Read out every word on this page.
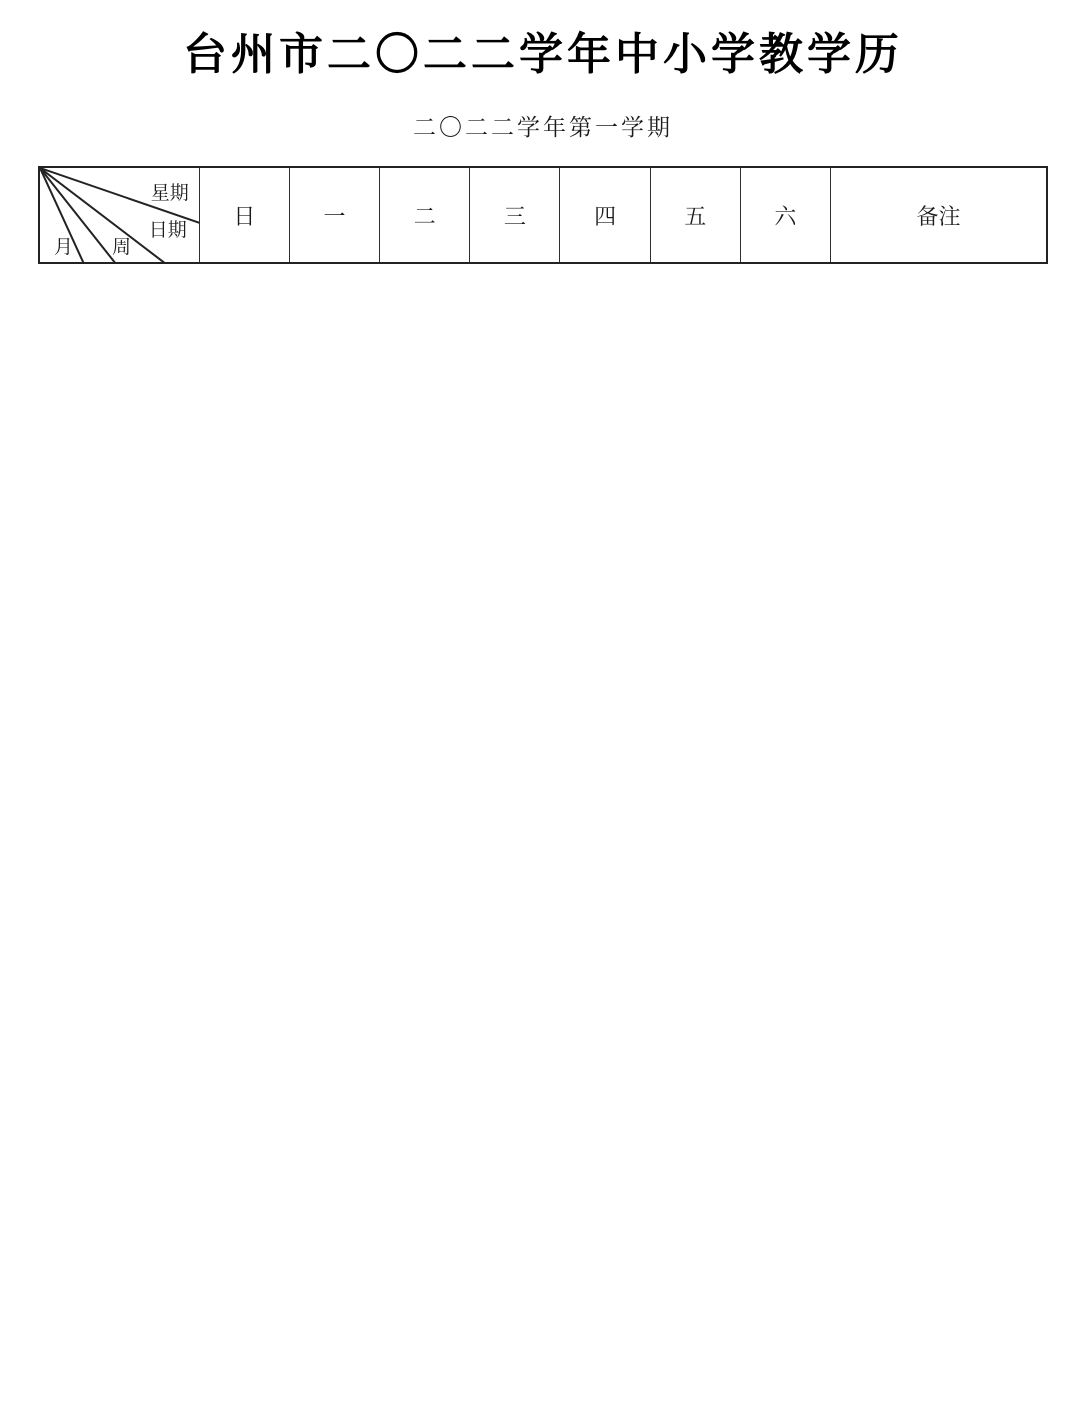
台州市二〇二二学年中小学教学历
二〇二二学年第一学期
星期
日期
月 周
	日	一	二	三	四	五	六	备注
